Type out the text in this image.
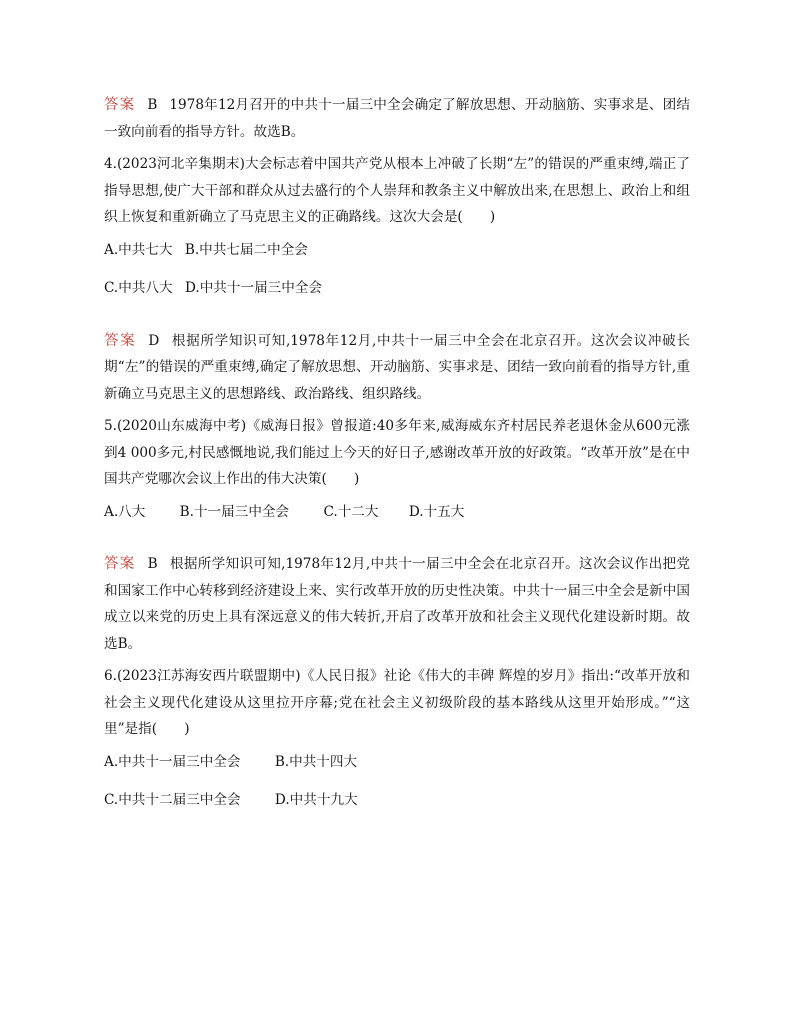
答案 B 1978年12月召开的中共十一届三中全会确定了解放思想、开动脑筋、实事求是、团结一致向前看的指导方针。故选B。

4.(2023河北辛集期末)大会标志着中国共产党从根本上冲破了长期“左”的错误的严重束缚,端正了指导思想,使广大干部和群众从过去盛行的个人崇拜和教条主义中解放出来,在思想上、政治上和组织上恢复和重新确立了马克思主义的正确路线。这次大会是(　　)

A.中共七大 B.中共七届二中全会
C.中共八大 D.中共十一届三中全会

答案 D 根据所学知识可知,1978年12月,中共十一届三中全会在北京召开。这次会议冲破长期“左”的错误的严重束缚,确定了解放思想、开动脑筋、实事求是、团结一致向前看的指导方针,重新确立马克思主义的思想路线、政治路线、组织路线。

5.(2020山东威海中考)《威海日报》曾报道:40多年来,威海威东齐村居民养老退休金从600元涨到4 000多元,村民感慨地说,我们能过上今天的好日子,感谢改革开放的好政策。“改革开放”是在中国共产党哪次会议上作出的伟大决策(　　)

A.八大	B.十一届三中全会	C.十二大 D.十五大

答案 B 根据所学知识可知,1978年12月,中共十一届三中全会在北京召开。这次会议作出把党和国家工作中心转移到经济建设上来、实行改革开放的历史性决策。中共十一届三中全会是新中国成立以来党的历史上具有深远意义的伟大转折,开启了改革开放和社会主义现代化建设新时期。故选B。

6.(2023江苏海安西片联盟期中)《人民日报》社论《伟大的丰碑 辉煌的岁月》指出:“改革开放和社会主义现代化建设从这里拉开序幕;党在社会主义初级阶段的基本路线从这里开始形成。”“这里”是指(　　)

A.中共十一届三中全会	B.中共十四大
C.中共十二届三中全会	D.中共十九大
